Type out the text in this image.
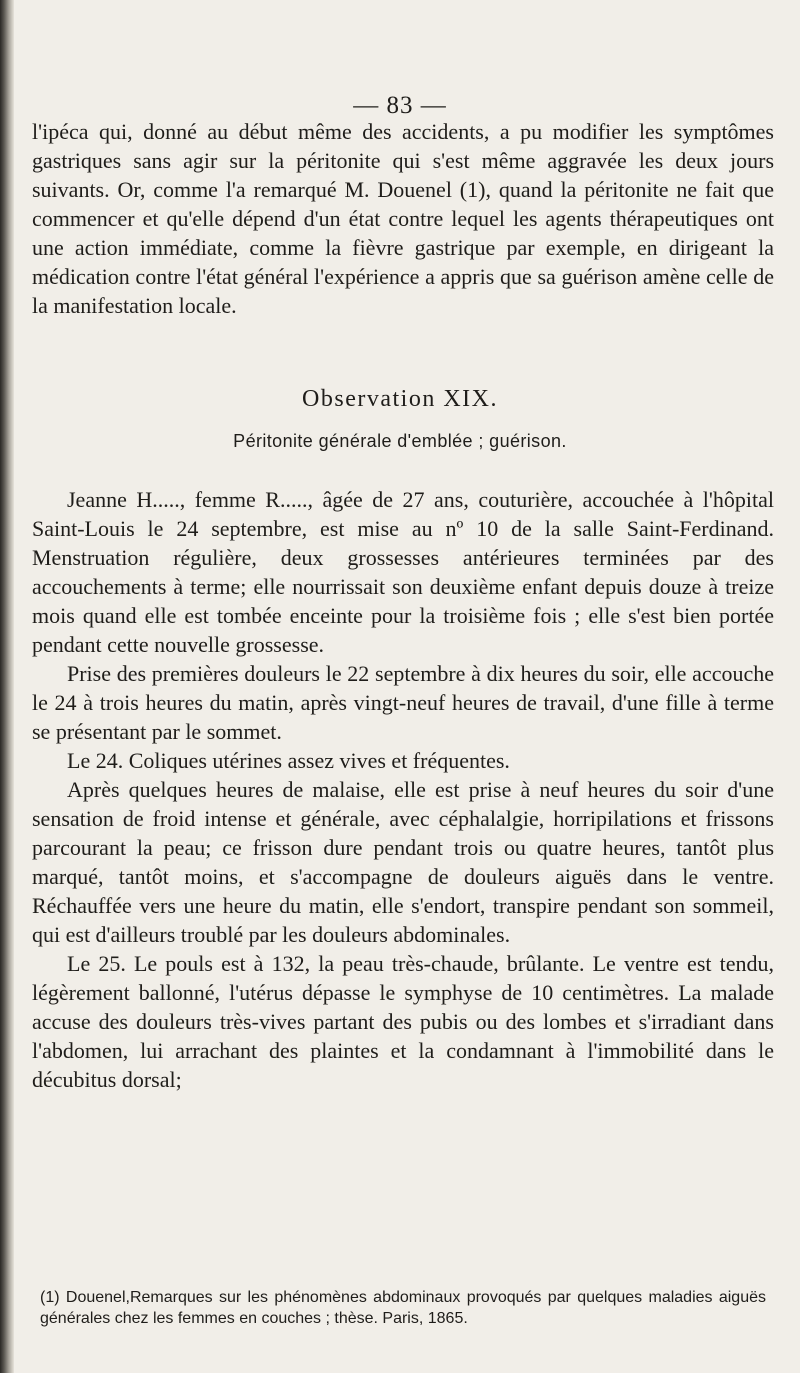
— 83 —

l'ipéca qui, donné au début même des accidents, a pu modifier les symptômes gastriques sans agir sur la péritonite qui s'est même aggravée les deux jours suivants. Or, comme l'a remarqué M. Douenel (1), quand la péritonite ne fait que commencer et qu'elle dépend d'un état contre lequel les agents thérapeutiques ont une action immédiate, comme la fièvre gastrique par exemple, en dirigeant la médication contre l'état général l'expérience a appris que sa guérison amène celle de la manifestation locale.

Observation XIX.
Péritonite générale d'emblée ; guérison.

Jeanne H....., femme R....., âgée de 27 ans, couturière, accouchée à l'hôpital Saint-Louis le 24 septembre, est mise au nº 10 de la salle Saint-Ferdinand. Menstruation régulière, deux grossesses antérieures terminées par des accouchements à terme; elle nourrissait son deuxième enfant depuis douze à treize mois quand elle est tombée enceinte pour la troisième fois ; elle s'est bien portée pendant cette nouvelle grossesse.

Prise des premières douleurs le 22 septembre à dix heures du soir, elle accouche le 24 à trois heures du matin, après vingt-neuf heures de travail, d'une fille à terme se présentant par le sommet.

Le 24. Coliques utérines assez vives et fréquentes.

Après quelques heures de malaise, elle est prise à neuf heures du soir d'une sensation de froid intense et générale, avec céphalalgie, horripilations et frissons parcourant la peau; ce frisson dure pendant trois ou quatre heures, tantôt plus marqué, tantôt moins, et s'accompagne de douleurs aiguës dans le ventre. Réchauffée vers une heure du matin, elle s'endort, transpire pendant son sommeil, qui est d'ailleurs troublé par les douleurs abdominales.

Le 25. Le pouls est à 132, la peau très-chaude, brûlante. Le ventre est tendu, légèrement ballonné, l'utérus dépasse le symphyse de 10 centimètres. La malade accuse des douleurs très-vives partant des pubis ou des lombes et s'irradiant dans l'abdomen, lui arrachant des plaintes et la condamnant à l'immobilité dans le décubitus dorsal;

(1) Douenel,Remarques sur les phénomènes abdominaux provoqués par quelques maladies aiguës générales chez les femmes en couches ; thèse. Paris, 1865.
